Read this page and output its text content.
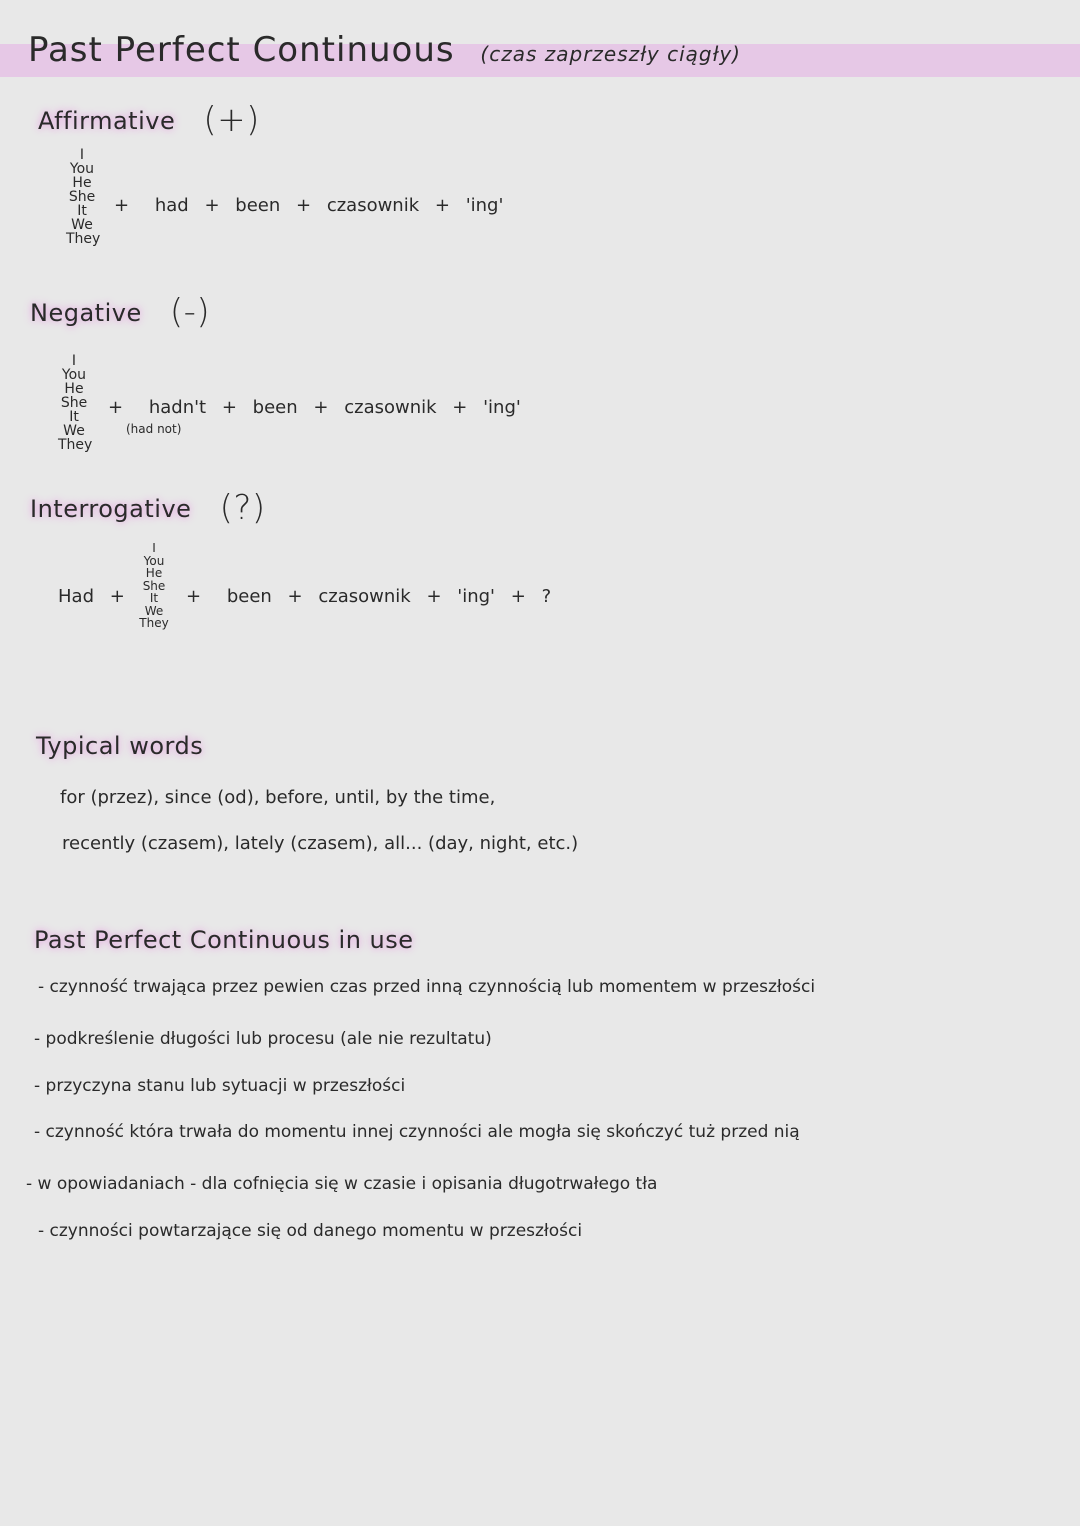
Past Perfect Continuous (czas zaprzeszły ciągły)
Affirmative (+)
I
You
He
She
It
We
They
+ had + been + czasownik + 'ing'
Negative (-)
I
You
He
She
It
We
They
+ hadn't + been + czasownik + 'ing'
(had not)
Interrogative (?)
Had +
I
You
He
She
It
We
They
+ been + czasownik + 'ing' + ?
Typical words
for (przez), since (od), before, until, by the time,
recently (czasem), lately (czasem), all... (day, night, etc.)
Past Perfect Continuous in use
- czynność trwająca przez pewien czas przed inną czynnością lub momentem w przeszłości
- podkreślenie długości lub procesu (ale nie rezultatu)
- przyczyna stanu lub sytuacji w przeszłości
- czynność która trwała do momentu innej czynności ale mogła się skończyć tuż przed nią
- w opowiadaniach - dla cofnięcia się w czasie i opisania długotrwałego tła
- czynności powtarzające się od danego momentu w przeszłości
